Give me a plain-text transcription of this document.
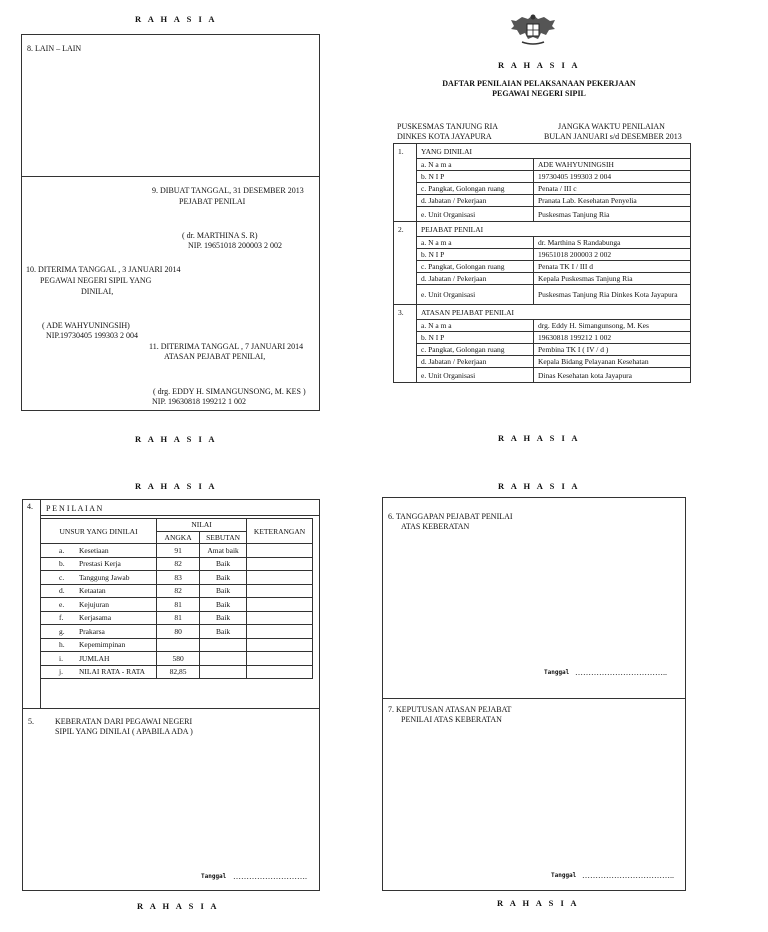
R A H A S I A
8. LAIN – LAIN
9. DIBUAT TANGGAL, 31 DESEMBER 2013
PEJABAT PENILAI
( dr. MARTHINA S. R)
NIP. 19651018 200003 2 002
10. DITERIMA TANGGAL , 3 JANUARI 2014
PEGAWAI NEGERI SIPIL YANG
DINILAI,
( ADE WAHYUNINGSIH)
NIP.19730405 199303 2 004
11. DITERIMA TANGGAL , 7 JANUARI 2014
ATASAN PEJABAT PENILAI,
( drg. EDDY H. SIMANGUNSONG, M. KES )
NIP. 19630818 199212 1 002
R A H A S I A
R A H A S I A
DAFTAR PENILAIAN PELAKSANAAN PEKERJAAN
PEGAWAI NEGERI SIPIL
PUSKESMAS TANJUNG RIA
DINKES KOTA JAYAPURA
JANGKA WAKTU PENILAIAN
BULAN JANUARI s/d DESEMBER 2013
1.	YANG DINILAI	
	a. N a m a	ADE WAHYUNINGSIH
	b. N I P	19730405 199303 2 004
	c. Pangkat, Golongan ruang	Penata / III c
	d. Jabatan / Pekerjaan	Pranata Lab. Kesehatan Penyelia
	e. Unit Organisasi	Puskesmas Tanjung Ria
2.	PEJABAT PENILAI	
	a. N a m a	dr. Marthina S Randabunga
	b. N I P	19651018 200003 2 002
	c. Pangkat, Golongan ruang	Penata TK I / III d
	d. Jabatan / Pekerjaan	Kepala Puskesmas Tanjung Ria
	e. Unit Organisasi	Puskesmas Tanjung Ria Dinkes Kota Jayapura
3.	ATASAN PEJABAT PENILAI	
	a. N a m a	drg. Eddy H. Simangunsong, M. Kes
	b. N I P	19630818 199212 1 002
	c. Pangkat, Golongan ruang	Pembina TK I ( IV / d )
	d. Jabatan / Pekerjaan	Kepala Bidang Pelayanan Kesehatan
	e. Unit Organisasi	Dinas Kesehatan kota Jayapura
R A H A S I A
R A H A S I A
4. P E N I L A I A N
UNSUR YANG DINILAI		NILAI		KETERANGAN
		ANGKA	SEBUTAN	
a.	Kesetiaan	91	Amat baik	
b.	Prestasi Kerja	82	Baik	
c.	Tanggung Jawab	83	Baik	
d.	Ketaatan	82	Baik	
e.	Kejujuran	81	Baik	
f.	Kerjasama	81	Baik	
g.	Prakarsa	80	Baik	
h.	Kepemimpinan			
i.	JUMLAH	580		
j.	NILAI RATA - RATA	82,85		
5.	KEBERATAN DARI PEGAWAI NEGERI
SIPIL YANG DINILAI ( APABILA ADA )
Tanggal ……………………….
R A H A S I A
R A H A S I A
6. TANGGAPAN PEJABAT PENILAI
ATAS KEBERATAN
Tanggal ……………………………..
7. KEPUTUSAN ATASAN PEJABAT
PENILAI ATAS KEBERATAN
Tanggal ……………………………..
R A H A S I A
